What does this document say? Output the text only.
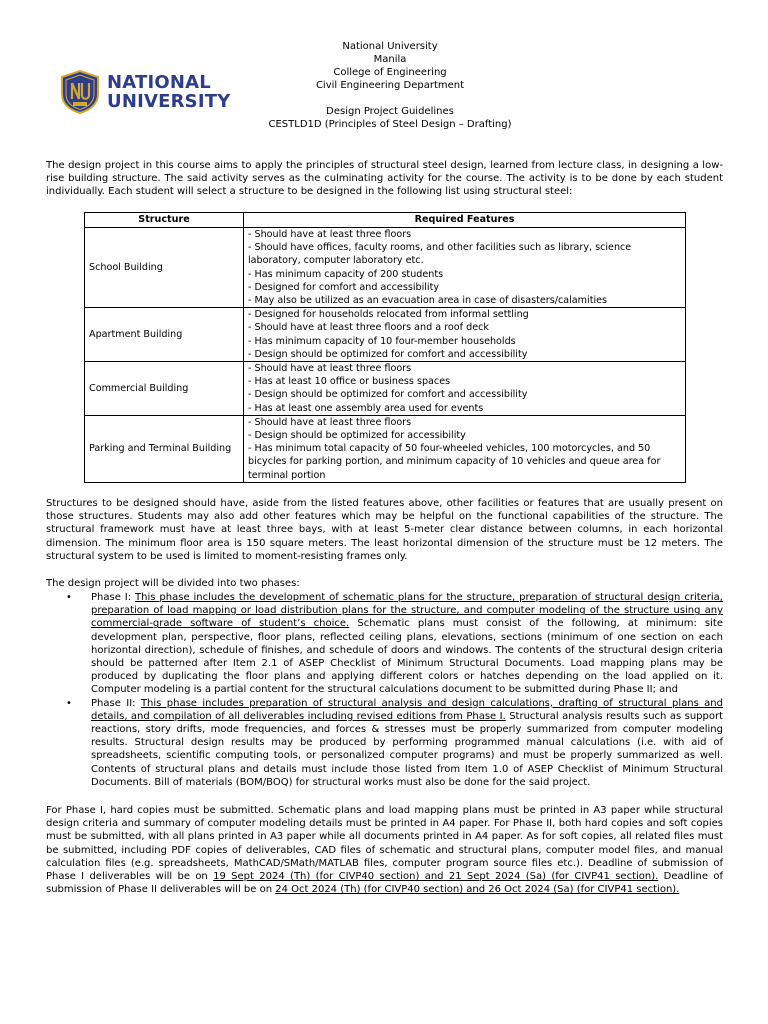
NATIONAL
UNIVERSITY
National University
Manila
College of Engineering
Civil Engineering Department
Design Project Guidelines
CESTLD1D (Principles of Steel Design – Drafting)
The design project in this course aims to apply the principles of structural steel design, learned from lecture class, in designing a low-rise building structure. The said activity serves as the culminating activity for the course. The activity is to be done by each student individually. Each student will select a structure to be designed in the following list using structural steel:
Structure	Required Features
School Building	- Should have at least three floors
- Should have offices, faculty rooms, and other facilities such as library, science laboratory, computer laboratory etc.
- Has minimum capacity of 200 students
- Designed for comfort and accessibility
- May also be utilized as an evacuation area in case of disasters/calamities

Apartment Building	- Designed for households relocated from informal settling
- Should have at least three floors and a roof deck
- Has minimum capacity of 10 four-member households
- Design should be optimized for comfort and accessibility

Commercial Building	- Should have at least three floors
- Has at least 10 office or business spaces
- Design should be optimized for comfort and accessibility
- Has at least one assembly area used for events

Parking and Terminal Building	- Should have at least three floors
- Design should be optimized for accessibility
- Has minimum total capacity of 50 four-wheeled vehicles, 100 motorcycles, and 50 bicycles for parking portion, and minimum capacity of 10 vehicles and queue area for terminal portion
Structures to be designed should have, aside from the listed features above, other facilities or features that are usually present on those structures. Students may also add other features which may be helpful on the functional capabilities of the structure. The structural framework must have at least three bays, with at least 5-meter clear distance between columns, in each horizontal dimension. The minimum floor area is 150 square meters. The least horizontal dimension of the structure must be 12 meters. The structural system to be used is limited to moment-resisting frames only.
The design project will be divided into two phases:
•	Phase I: This phase includes the development of schematic plans for the structure, preparation of structural design criteria, preparation of load mapping or load distribution plans for the structure, and computer modeling of the structure using any commercial-grade software of student’s choice. Schematic plans must consist of the following, at minimum: site development plan, perspective, floor plans, reflected ceiling plans, elevations, sections (minimum of one section on each horizontal direction), schedule of finishes, and schedule of doors and windows. The contents of the structural design criteria should be patterned after Item 2.1 of ASEP Checklist of Minimum Structural Documents. Load mapping plans may be produced by duplicating the floor plans and applying different colors or hatches depending on the load applied on it. Computer modeling is a partial content for the structural calculations document to be submitted during Phase II; and
•	Phase II: This phase includes preparation of structural analysis and design calculations, drafting of structural plans and details, and compilation of all deliverables including revised editions from Phase I. Structural analysis results such as support reactions, story drifts, mode frequencies, and forces & stresses must be properly summarized from computer modeling results. Structural design results may be produced by performing programmed manual calculations (i.e. with aid of spreadsheets, scientific computing tools, or personalized computer programs) and must be properly summarized as well. Contents of structural plans and details must include those listed from Item 1.0 of ASEP Checklist of Minimum Structural Documents. Bill of materials (BOM/BOQ) for structural works must also be done for the said project.
For Phase I, hard copies must be submitted. Schematic plans and load mapping plans must be printed in A3 paper while structural design criteria and summary of computer modeling details must be printed in A4 paper. For Phase II, both hard copies and soft copies must be submitted, with all plans printed in A3 paper while all documents printed in A4 paper. As for soft copies, all related files must be submitted, including PDF copies of deliverables, CAD files of schematic and structural plans, computer model files, and manual calculation files (e.g. spreadsheets, MathCAD/SMath/MATLAB files, computer program source files etc.). Deadline of submission of Phase I deliverables will be on 19 Sept 2024 (Th) (for CIVP40 section) and 21 Sept 2024 (Sa) (for CIVP41 section). Deadline of submission of Phase II deliverables will be on 24 Oct 2024 (Th) (for CIVP40 section) and 26 Oct 2024 (Sa) (for CIVP41 section).
